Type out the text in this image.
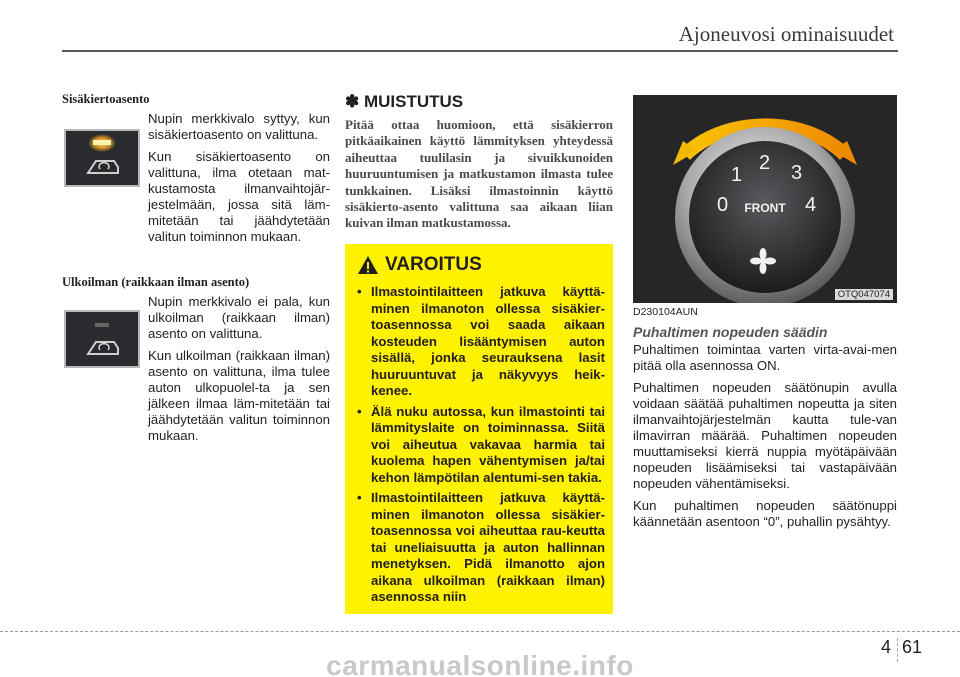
Ajoneuvosi ominaisuudet
Sisäkiertoasento

Nupin merkkivalo syttyy, kun sisäkiertoasento on valittuna.

Kun sisäkiertoasento on valittuna, ilma otetaan mat-kustamosta ilmanvaihtojär-jestelmään, jossa sitä läm-mitetään tai jäähdytetään valitun toiminnon mukaan.

Ulkoilman (raikkaan ilman asento)

Nupin merkkivalo ei pala, kun ulkoilman (raikkaan ilman) asento on valittuna.

Kun ulkoilman (raikkaan ilman) asento on valittuna, ilma tulee auton ulkopuolel-ta ja sen jälkeen ilmaa läm-mitetään tai jäähdytetään valitun toiminnon mukaan.

✽ MUISTUTUS
Pitää ottaa huomioon, että sisäkierron pitkäaikainen käyttö lämmityksen yhteydessä aiheuttaa tuulilasin ja sivuikkunoiden huuruuntumisen ja matkustamon ilmasta tulee tunkkainen. Lisäksi ilmastoinnin käyttö sisäkierto-asento valittuna saa aikaan liian kuivan ilman matkustamossa.
VAROITUS
• Ilmastointilaitteen jatkuva käyttä-minen ilmanoton ollessa sisäkier-toasennossa voi saada aikaan kosteuden lisääntymisen auton sisällä, jonka seurauksena lasit huuruuntuvat ja näkyvyys heik-kenee.
• Älä nuku autossa, kun ilmastointi tai lämmityslaite on toiminnassa. Siitä voi aiheutua vakavaa harmia tai kuolema hapen vähentymisen ja/tai kehon lämpötilan alentumi-sen takia.
• Ilmastointilaitteen jatkuva käyttä-minen ilmanoton ollessa sisäkier-toasennossa voi aiheuttaa rau-keutta tai uneliaisuutta ja auton hallinnan menetyksen. Pidä ilmanotto ajon aikana ulkoilman (raikkaan ilman) asennossa niin
0
1
2 3
4
FRONT
OTQ047074
D230104AUN
Puhaltimen nopeuden säädin

Puhaltimen toimintaa varten virta-avai-men pitää olla asennossa ON.

Puhaltimen nopeuden säätönupin avulla voidaan säätää puhaltimen nopeutta ja siten ilmanvaihtojärjestelmän kautta tule-van ilmavirran määrää. Puhaltimen nopeuden muuttamiseksi kierrä nuppia myötäpäivään nopeuden lisäämiseksi tai vastapäivään nopeuden vähentämiseksi.

Kun puhaltimen nopeuden säätönuppi käännetään asentoon “0”, puhallin pysähtyy.

4 61
carmanualsonline.info
